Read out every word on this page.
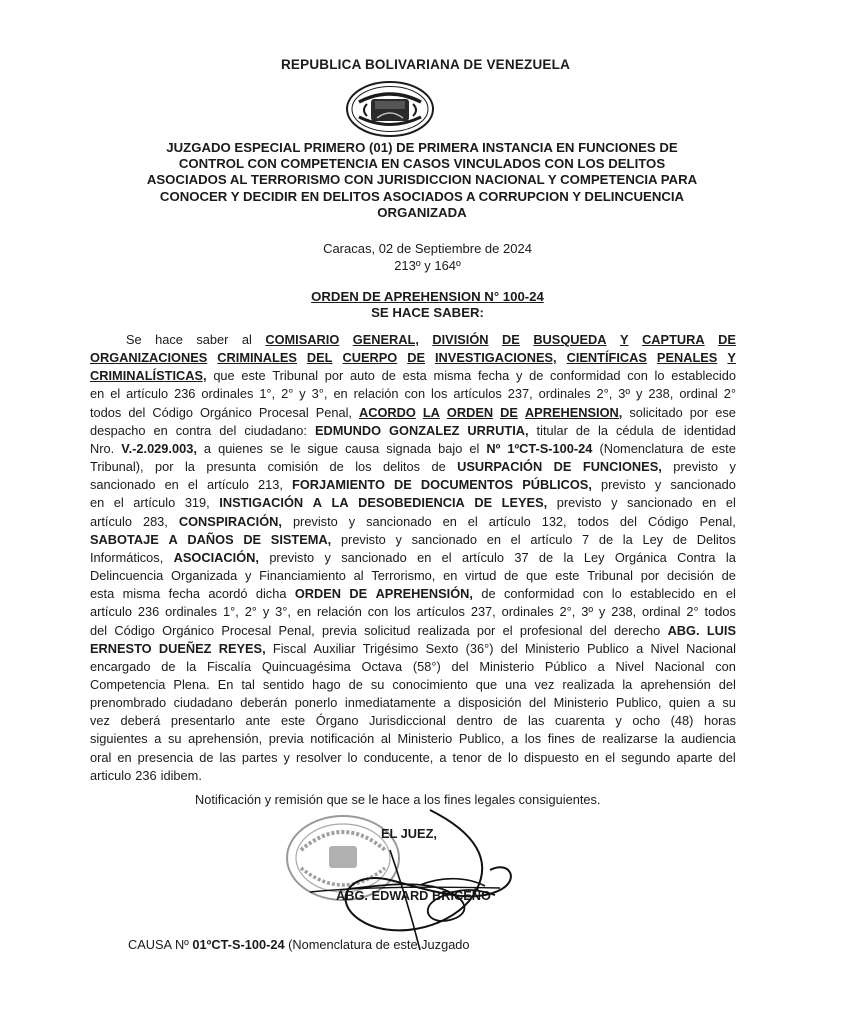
REPUBLICA BOLIVARIANA DE VENEZUELA
JUZGADO ESPECIAL PRIMERO (01) DE PRIMERA INSTANCIA EN FUNCIONES DE
CONTROL CON COMPETENCIA EN CASOS VINCULADOS CON LOS DELITOS
ASOCIADOS AL TERRORISMO CON JURISDICCION NACIONAL Y COMPETENCIA PARA
CONOCER Y DECIDIR EN DELITOS ASOCIADOS A CORRUPCION Y DELINCUENCIA
ORGANIZADA
Caracas, 02 de Septiembre de 2024
213º y 164º
ORDEN DE APREHENSION N° 100-24
SE HACE SABER:
Se hace saber al COMISARIO GENERAL, DIVISIÓN DE BUSQUEDA Y CAPTURA DE
ORGANIZACIONES CRIMINALES DEL CUERPO DE INVESTIGACIONES, CIENTÍFICAS PENALES Y
CRIMINALÍSTICAS, que este Tribunal por auto de esta misma fecha y de conformidad con lo establecido
en el artículo 236 ordinales 1°, 2° y 3°, en relación con los artículos 237, ordinales 2°, 3º y 238, ordinal 2°
todos del Código Orgánico Procesal Penal, ACORDO LA ORDEN DE APREHENSION, solicitado por ese
despacho en contra del ciudadano: EDMUNDO GONZALEZ URRUTIA, titular de la cédula de identidad
Nro. V.-2.029.003, a quienes se le sigue causa signada bajo el Nº 1ºCT-S-100-24 (Nomenclatura de este
Tribunal), por la presunta comisión de los delitos de USURPACIÓN DE FUNCIONES, previsto y
sancionado en el artículo 213, FORJAMIENTO DE DOCUMENTOS PÚBLICOS, previsto y sancionado
en el artículo 319, INSTIGACIÓN A LA DESOBEDIENCIA DE LEYES, previsto y sancionado en el
artículo 283, CONSPIRACIÓN, previsto y sancionado en el artículo 132, todos del Código Penal,
SABOTAJE A DAÑOS DE SISTEMA, previsto y sancionado en el artículo 7 de la Ley de Delitos
Informáticos, ASOCIACIÓN, previsto y sancionado en el artículo 37 de la Ley Orgánica Contra la
Delincuencia Organizada y Financiamiento al Terrorismo, en virtud de que este Tribunal por decisión de
esta misma fecha acordó dicha ORDEN DE APREHENSIÓN, de conformidad con lo establecido en el
artículo 236 ordinales 1°, 2° y 3°, en relación con los artículos 237, ordinales 2°, 3º y 238, ordinal 2° todos
del Código Orgánico Procesal Penal, previa solicitud realizada por el profesional del derecho ABG. LUIS
ERNESTO DUEÑEZ REYES, Fiscal Auxiliar Trigésimo Sexto (36°) del Ministerio Publico a Nivel Nacional
encargado de la Fiscalía Quincuagésima Octava (58°) del Ministerio Público a Nivel Nacional con
Competencia Plena. En tal sentido hago de su conocimiento que una vez realizada la aprehensión del
prenombrado ciudadano deberán ponerlo inmediatamente a disposición del Ministerio Publico, quien a su
vez deberá presentarlo ante este Órgano Jurisdiccional dentro de las cuarenta y ocho (48) horas
siguientes a su aprehensión, previa notificación al Ministerio Publico, a los fines de realizarse la audiencia
oral en presencia de las partes y resolver lo conducente, a tenor de lo dispuesto en el segundo aparte del
articulo 236 idibem.
Notificación y remisión que se le hace a los fines legales consiguientes.
EL JUEZ,
ABG. EDWARD BRICEÑO
CAUSA Nº 01ºCT-S-100-24 (Nomenclatura de este Juzgado
